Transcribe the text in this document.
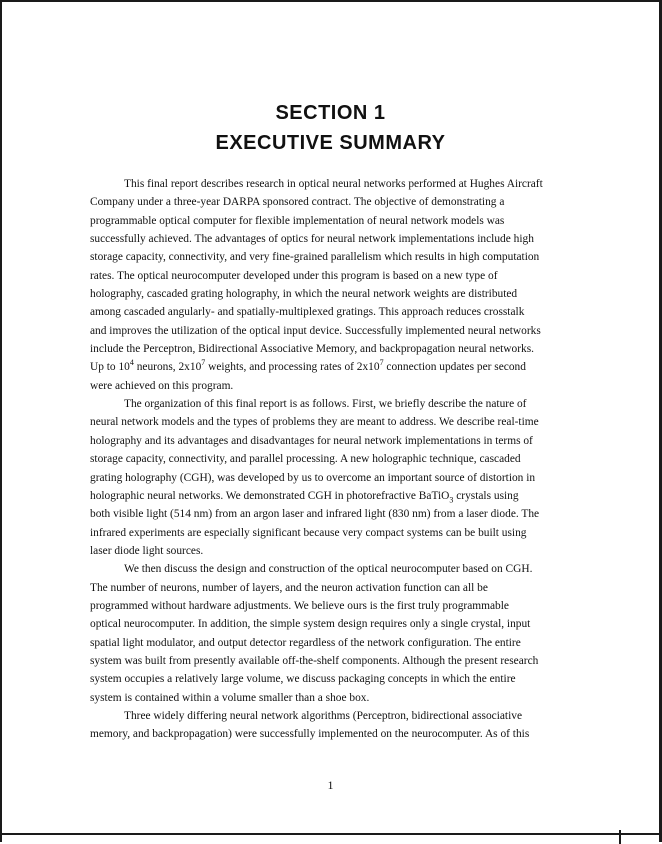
SECTION 1
EXECUTIVE SUMMARY
This final report describes research in optical neural networks performed at Hughes Aircraft
Company under a three-year DARPA sponsored contract. The objective of demonstrating a
programmable optical computer for flexible implementation of neural network models was
successfully achieved. The advantages of optics for neural network implementations include high
storage capacity, connectivity, and very fine-grained parallelism which results in high computation
rates. The optical neurocomputer developed under this program is based on a new type of
holography, cascaded grating holography, in which the neural network weights are distributed
among cascaded angularly- and spatially-multiplexed gratings. This approach reduces crosstalk
and improves the utilization of the optical input device. Successfully implemented neural networks
include the Perceptron, Bidirectional Associative Memory, and backpropagation neural networks.
Up to $10^4$ neurons, $2x10^7$ weights, and processing rates of $2x10^7$ connection updates per second
were achieved on this program.
The organization of this final report is as follows. First, we briefly describe the nature of
neural network models and the types of problems they are meant to address. We describe real-time
holography and its advantages and disadvantages for neural network implementations in terms of
storage capacity, connectivity, and parallel processing. A new holographic technique, cascaded
grating holography (CGH), was developed by us to overcome an important source of distortion in
holographic neural networks. We demonstrated CGH in photorefractive BaTiO$_3$ crystals using
both visible light (514 nm) from an argon laser and infrared light (830 nm) from a laser diode. The
infrared experiments are especially significant because very compact systems can be built using
laser diode light sources.
We then discuss the design and construction of the optical neurocomputer based on CGH.
The number of neurons, number of layers, and the neuron activation function can all be
programmed without hardware adjustments. We believe ours is the first truly programmable
optical neurocomputer. In addition, the simple system design requires only a single crystal, input
spatial light modulator, and output detector regardless of the network configuration. The entire
system was built from presently available off-the-shelf components. Although the present research
system occupies a relatively large volume, we discuss packaging concepts in which the entire
system is contained within a volume smaller than a shoe box.
Three widely differing neural network algorithms (Perceptron, bidirectional associative
memory, and backpropagation) were successfully implemented on the neurocomputer. As of this
1
